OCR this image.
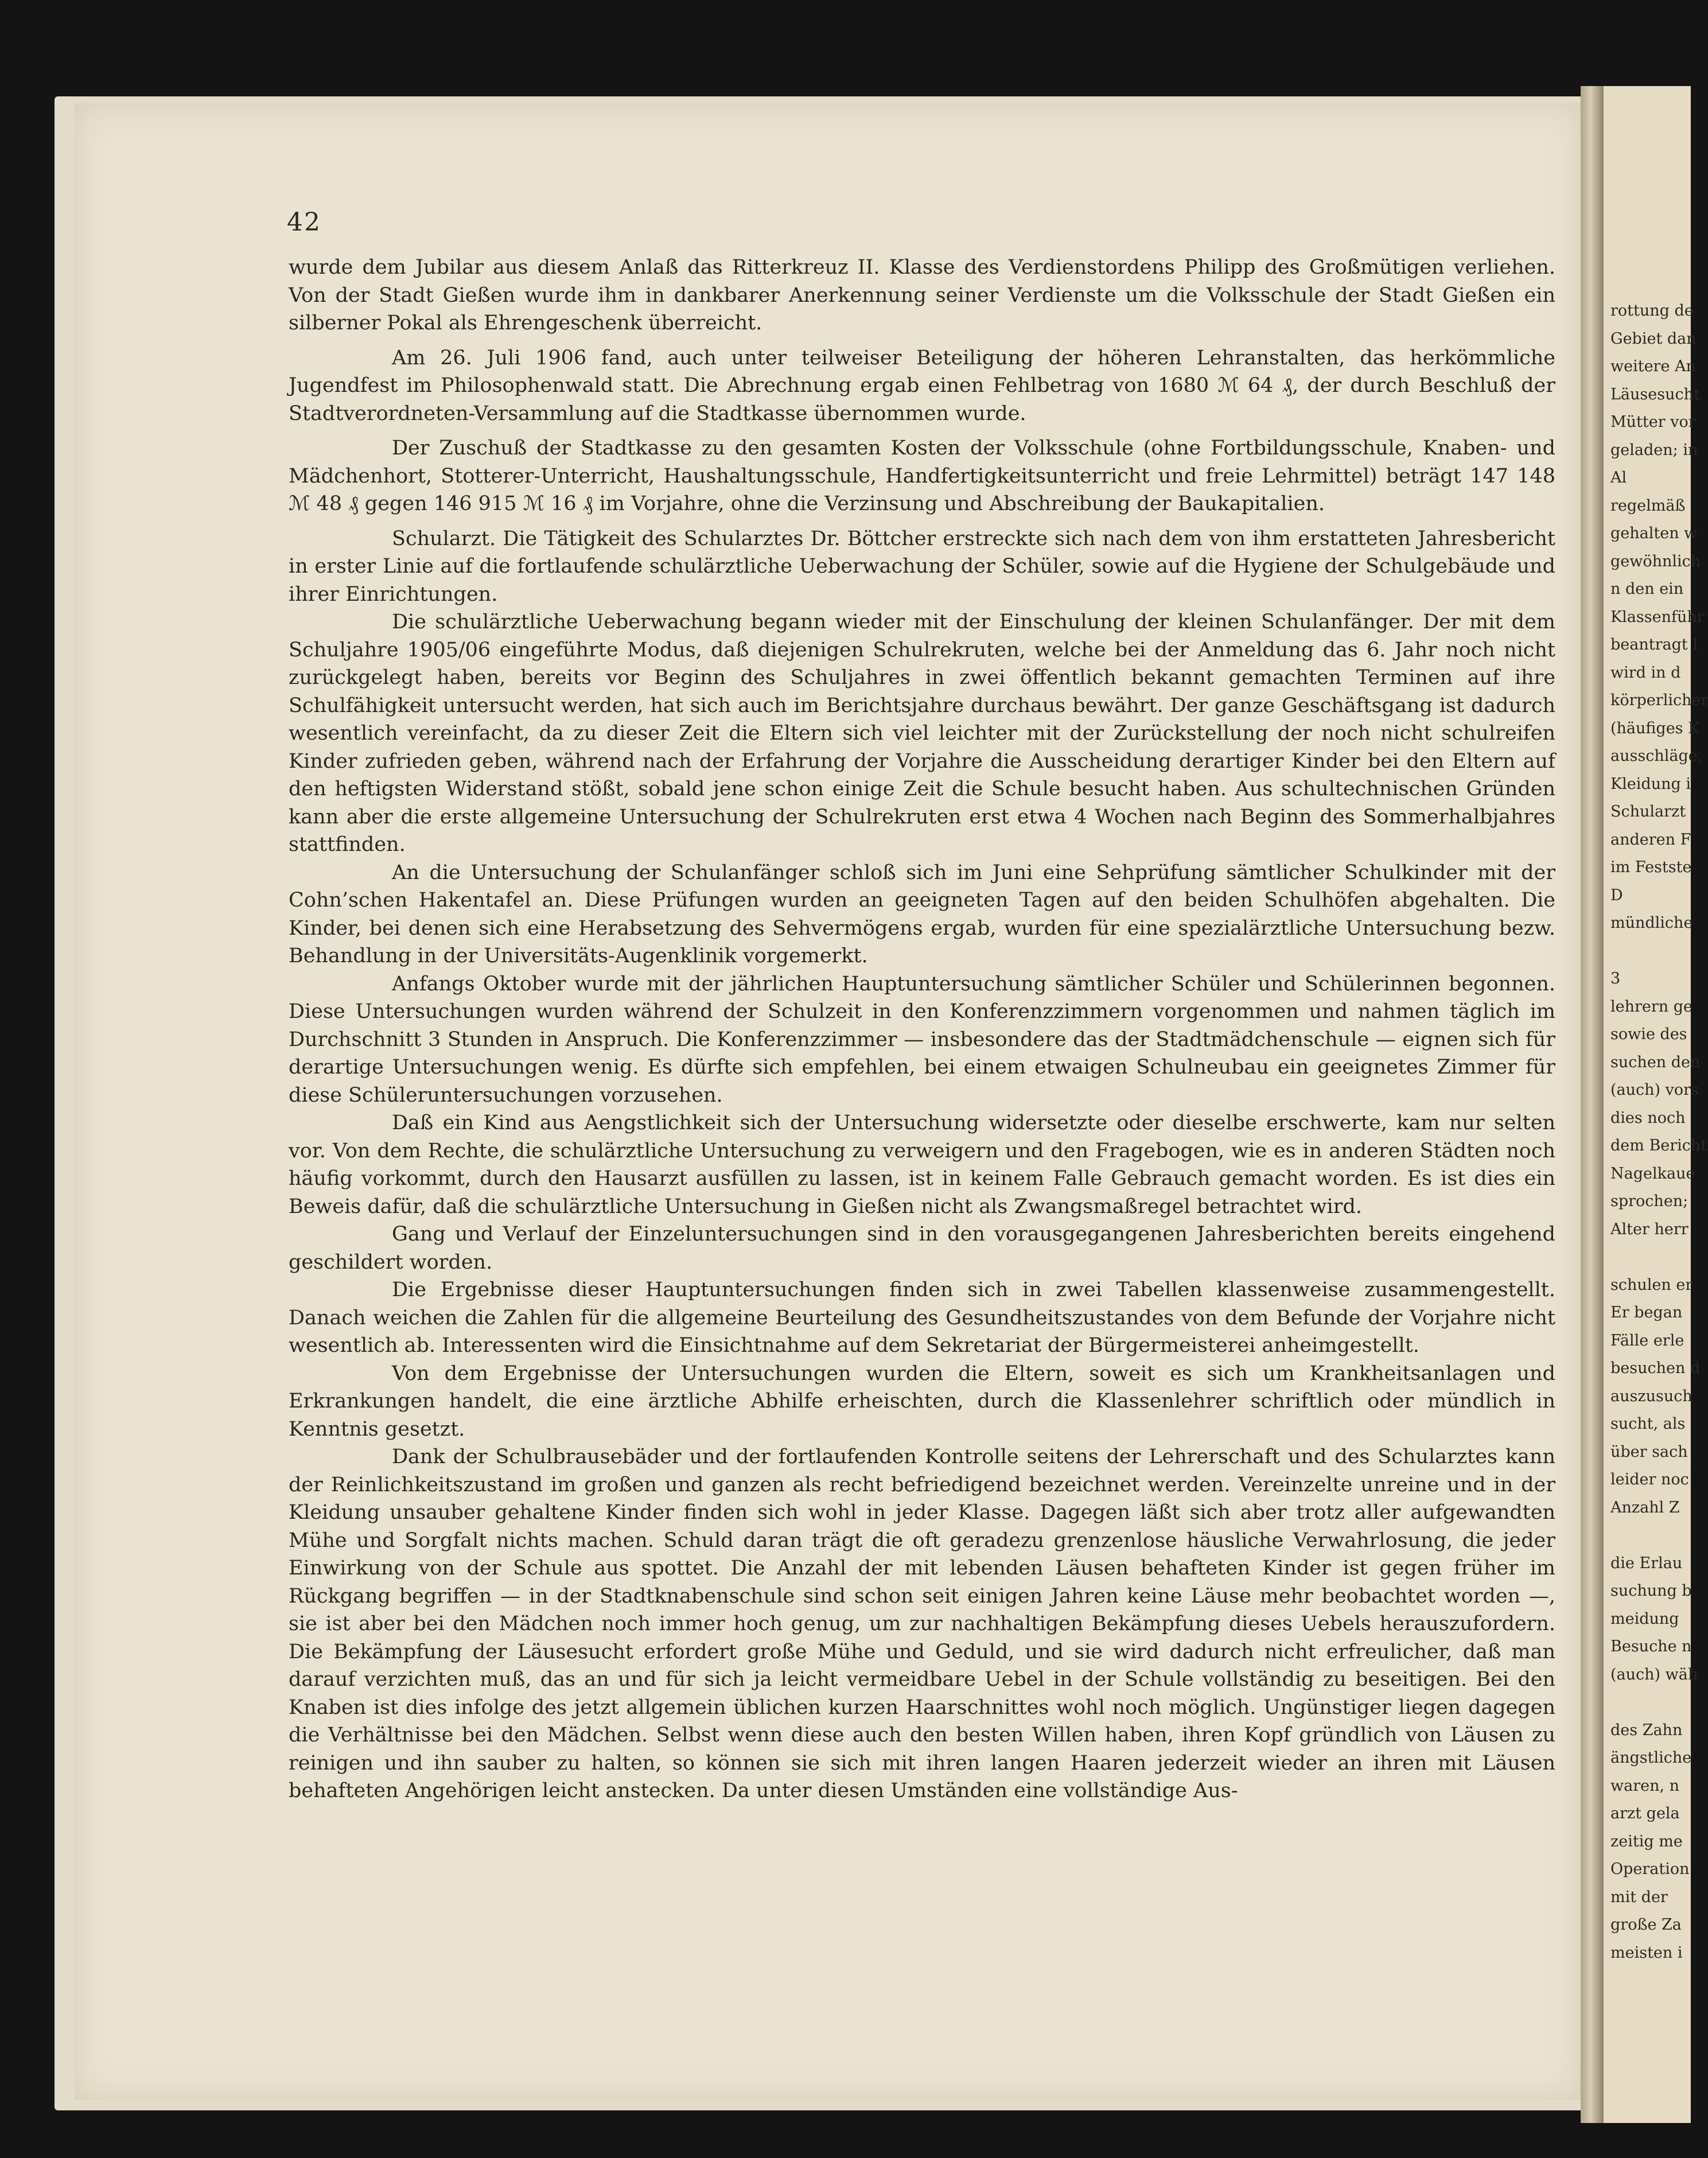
rottung de
Gebiet dan
weitere An
Läusesucht
Mütter vor
geladen; in
Al
regelmäß
gehalten w
gewöhnlich
n den ein
Klassenführ
beantragt l
wird in d
körperlicher
(häufiges K
ausschläge,
Kleidung i
Schularzt
anderen F
im Festste
D
mündliche
3
lehrern ge
sowie des
suchen den
(auch) vors
dies noch
dem Bericht
Nagelkaue
sprochen;
Alter herr
schulen er
Er began
Fälle erle
besuchen d
auszusuch
sucht, als
über sach
leider noc
Anzahl Z
die Erlau
suchung b
meidung
Besuche n
(auch) wäh
des Zahn
ängstliche
waren, n
arzt gela
zeitig me
Operation
mit der
große Za
meisten i
42

wurde dem Jubilar aus diesem Anlaß das Ritterkreuz II. Klasse des Verdienstordens Philipp des Großmütigen verliehen. Von der Stadt Gießen wurde ihm in dankbarer Anerkennung seiner Verdienste um die Volksschule der Stadt Gießen ein silberner Pokal als Ehrengeschenk überreicht.

Am 26. Juli 1906 fand, auch unter teilweiser Beteiligung der höheren Lehranstalten, das herkömmliche Jugendfest im Philosophenwald statt. Die Abrechnung ergab einen Fehlbetrag von 1680 ℳ 64 ₰, der durch Beschluß der Stadtverordneten-Versammlung auf die Stadtkasse übernommen wurde.

Der Zuschuß der Stadtkasse zu den gesamten Kosten der Volksschule (ohne Fortbildungsschule, Knaben- und Mädchenhort, Stotterer-Unterricht, Haushaltungsschule, Handfertigkeitsunterricht und freie Lehrmittel) beträgt 147 148 ℳ 48 ₰ gegen 146 915 ℳ 16 ₰ im Vorjahre, ohne die Verzinsung und Abschreibung der Baukapitalien.

Schularzt. Die Tätigkeit des Schularztes Dr. Böttcher erstreckte sich nach dem von ihm erstatteten Jahresbericht in erster Linie auf die fortlaufende schulärztliche Ueberwachung der Schüler, sowie auf die Hygiene der Schulgebäude und ihrer Einrichtungen.

Die schulärztliche Ueberwachung begann wieder mit der Einschulung der kleinen Schulanfänger. Der mit dem Schuljahre 1905/06 eingeführte Modus, daß diejenigen Schulrekruten, welche bei der Anmeldung das 6. Jahr noch nicht zurückgelegt haben, bereits vor Beginn des Schuljahres in zwei öffentlich bekannt gemachten Terminen auf ihre Schulfähigkeit untersucht werden, hat sich auch im Berichtsjahre durchaus bewährt. Der ganze Geschäftsgang ist dadurch wesentlich vereinfacht, da zu dieser Zeit die Eltern sich viel leichter mit der Zurückstellung der noch nicht schulreifen Kinder zufrieden geben, während nach der Erfahrung der Vorjahre die Ausscheidung derartiger Kinder bei den Eltern auf den heftigsten Widerstand stößt, sobald jene schon einige Zeit die Schule besucht haben. Aus schultechnischen Gründen kann aber die erste allgemeine Untersuchung der Schulrekruten erst etwa 4 Wochen nach Beginn des Sommerhalbjahres stattfinden.

An die Untersuchung der Schulanfänger schloß sich im Juni eine Sehprüfung sämtlicher Schulkinder mit der Cohn’schen Hakentafel an. Diese Prüfungen wurden an geeigneten Tagen auf den beiden Schulhöfen abgehalten. Die Kinder, bei denen sich eine Herabsetzung des Sehvermögens ergab, wurden für eine spezialärztliche Untersuchung bezw. Behandlung in der Universitäts-Augenklinik vorgemerkt.

Anfangs Oktober wurde mit der jährlichen Hauptuntersuchung sämtlicher Schüler und Schülerinnen begonnen. Diese Untersuchungen wurden während der Schulzeit in den Konferenzzimmern vorgenommen und nahmen täglich im Durchschnitt 3 Stunden in Anspruch. Die Konferenzzimmer — insbesondere das der Stadtmädchenschule — eignen sich für derartige Untersuchungen wenig. Es dürfte sich empfehlen, bei einem etwaigen Schulneubau ein geeignetes Zimmer für diese Schüleruntersuchungen vorzusehen.

Daß ein Kind aus Aengstlichkeit sich der Untersuchung widersetzte oder dieselbe erschwerte, kam nur selten vor. Von dem Rechte, die schulärztliche Untersuchung zu verweigern und den Fragebogen, wie es in anderen Städten noch häufig vorkommt, durch den Hausarzt ausfüllen zu lassen, ist in keinem Falle Gebrauch gemacht worden. Es ist dies ein Beweis dafür, daß die schulärztliche Untersuchung in Gießen nicht als Zwangsmaßregel betrachtet wird.

Gang und Verlauf der Einzeluntersuchungen sind in den vorausgegangenen Jahresberichten bereits eingehend geschildert worden.

Die Ergebnisse dieser Hauptuntersuchungen finden sich in zwei Tabellen klassenweise zusammengestellt. Danach weichen die Zahlen für die allgemeine Beurteilung des Gesundheitszustandes von dem Befunde der Vorjahre nicht wesentlich ab. Interessenten wird die Einsichtnahme auf dem Sekretariat der Bürgermeisterei anheimgestellt.

Von dem Ergebnisse der Untersuchungen wurden die Eltern, soweit es sich um Krankheitsanlagen und Erkrankungen handelt, die eine ärztliche Abhilfe erheischten, durch die Klassenlehrer schriftlich oder mündlich in Kenntnis gesetzt.

Dank der Schulbrausebäder und der fortlaufenden Kontrolle seitens der Lehrerschaft und des Schularztes kann der Reinlichkeitszustand im großen und ganzen als recht befriedigend bezeichnet werden. Vereinzelte unreine und in der Kleidung unsauber gehaltene Kinder finden sich wohl in jeder Klasse. Dagegen läßt sich aber trotz aller aufgewandten Mühe und Sorgfalt nichts machen. Schuld daran trägt die oft geradezu grenzenlose häusliche Verwahrlosung, die jeder Einwirkung von der Schule aus spottet. Die Anzahl der mit lebenden Läusen behafteten Kinder ist gegen früher im Rückgang begriffen — in der Stadtknabenschule sind schon seit einigen Jahren keine Läuse mehr beobachtet worden —, sie ist aber bei den Mädchen noch immer hoch genug, um zur nachhaltigen Bekämpfung dieses Uebels herauszufordern. Die Bekämpfung der Läusesucht erfordert große Mühe und Geduld, und sie wird dadurch nicht erfreulicher, daß man darauf verzichten muß, das an und für sich ja leicht vermeidbare Uebel in der Schule vollständig zu beseitigen. Bei den Knaben ist dies infolge des jetzt allgemein üblichen kurzen Haarschnittes wohl noch möglich. Ungünstiger liegen dagegen die Verhältnisse bei den Mädchen. Selbst wenn diese auch den besten Willen haben, ihren Kopf gründlich von Läusen zu reinigen und ihn sauber zu halten, so können sie sich mit ihren langen Haaren jederzeit wieder an ihren mit Läusen behafteten Angehörigen leicht anstecken. Da unter diesen Umständen eine vollständige Aus-
